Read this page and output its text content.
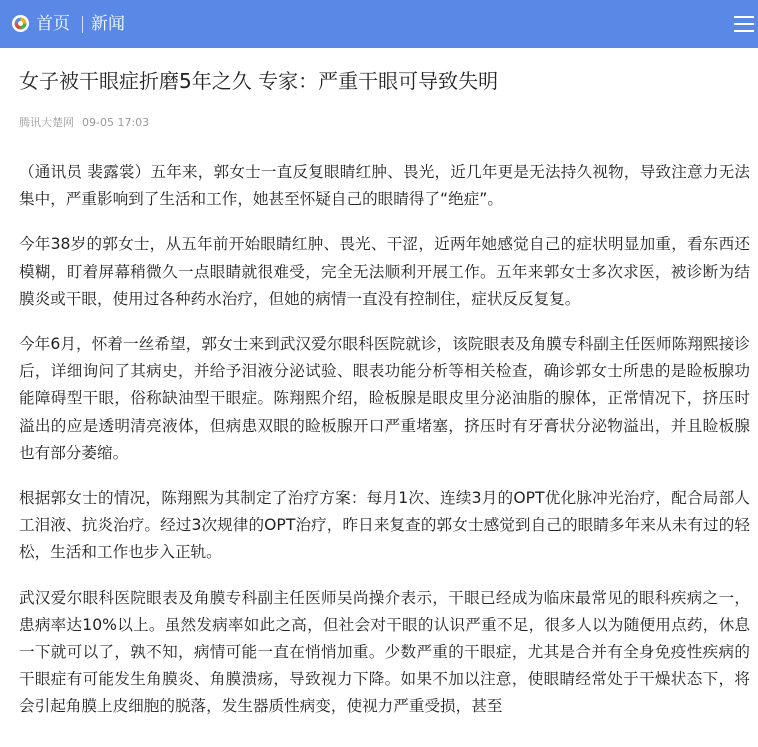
首页 新闻
女子被干眼症折磨5年之久 专家：严重干眼可导致失明
腾讯大楚网 09-05 17:03

（通讯员 裴露裳）五年来，郭女士一直反复眼睛红肿、畏光，近几年更是无法持久视物，导致注意力无法集中，严重影响到了生活和工作，她甚至怀疑自己的眼睛得了“绝症”。

今年38岁的郭女士，从五年前开始眼睛红肿、畏光、干涩，近两年她感觉自己的症状明显加重，看东西还模糊，盯着屏幕稍微久一点眼睛就很难受，完全无法顺利开展工作。五年来郭女士多次求医，被诊断为结膜炎或干眼，使用过各种药水治疗，但她的病情一直没有控制住，症状反反复复。

今年6月，怀着一丝希望，郭女士来到武汉爱尔眼科医院就诊，该院眼表及角膜专科副主任医师陈翔熙接诊后，详细询问了其病史，并给予泪液分泌试验、眼表功能分析等相关检查，确诊郭女士所患的是睑板腺功能障碍型干眼，俗称缺油型干眼症。陈翔熙介绍，睑板腺是眼皮里分泌油脂的腺体，正常情况下，挤压时溢出的应是透明清亮液体，但病患双眼的睑板腺开口严重堵塞，挤压时有牙膏状分泌物溢出，并且睑板腺也有部分萎缩。

根据郭女士的情况，陈翔熙为其制定了治疗方案：每月1次、连续3月的OPT优化脉冲光治疗，配合局部人工泪液、抗炎治疗。经过3次规律的OPT治疗，昨日来复查的郭女士感觉到自己的眼睛多年来从未有过的轻松，生活和工作也步入正轨。

武汉爱尔眼科医院眼表及角膜专科副主任医师吴尚操介表示，干眼已经成为临床最常见的眼科疾病之一，患病率达10%以上。虽然发病率如此之高，但社会对干眼的认识严重不足，很多人以为随便用点药，休息一下就可以了，孰不知，病情可能一直在悄悄加重。少数严重的干眼症，尤其是合并有全身免疫性疾病的干眼症有可能发生角膜炎、角膜溃疡，导致视力下降。如果不加以注意，使眼睛经常处于干燥状态下，将会引起角膜上皮细胞的脱落，发生器质性病变，使视力严重受损，甚至
